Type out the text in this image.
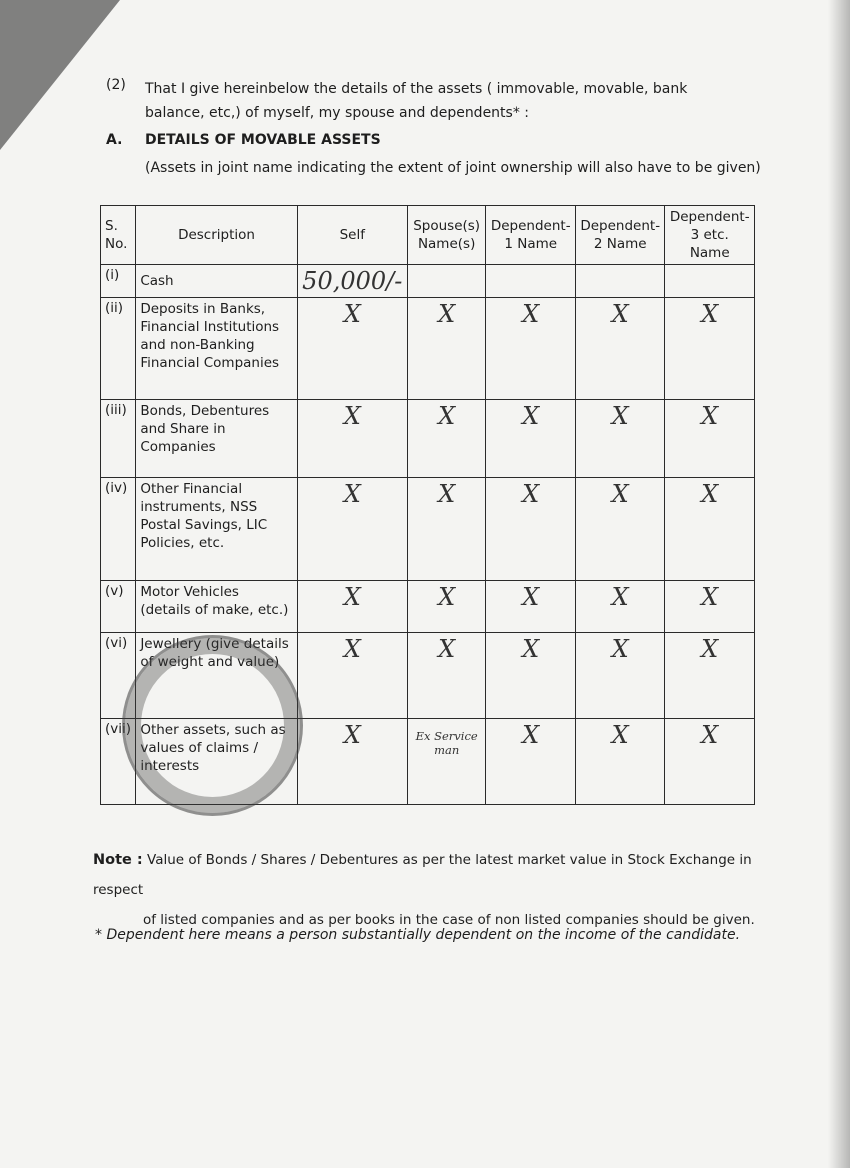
(2) That I give hereinbelow the details of the assets ( immovable, movable, bank balance, etc,) of myself, my spouse and dependents* :
A. DETAILS OF MOVABLE ASSETS
(Assets in joint name indicating the extent of joint ownership will also have to be given)
S. No.	Description	Self	Spouse(s) Name(s)	Dependent-1 Name	Dependent-2 Name	Dependent-3 etc. Name
(i)	Cash	50,000/-				
(ii)	Deposits in Banks, Financial Institutions and non-Banking Financial Companies	X	X	X	X	X
(iii)	Bonds, Debentures and Share in Companies	X	X	X	X	X
(iv)	Other Financial instruments, NSS Postal Savings, LIC Policies, etc.	X	X	X	X	X
(v)	Motor Vehicles (details of make, etc.)	X	X	X	X	X
(vi)	Jewellery (give details of weight and value)	X	X	X	X	X
(vii)	Other assets, such as values of claims / interests	X	Ex Service man	X	X	X
Note : Value of Bonds / Shares / Debentures as per the latest market value in Stock Exchange in respect
of listed companies and as per books in the case of non listed companies should be given.
* Dependent here means a person substantially dependent on the income of the candidate.
